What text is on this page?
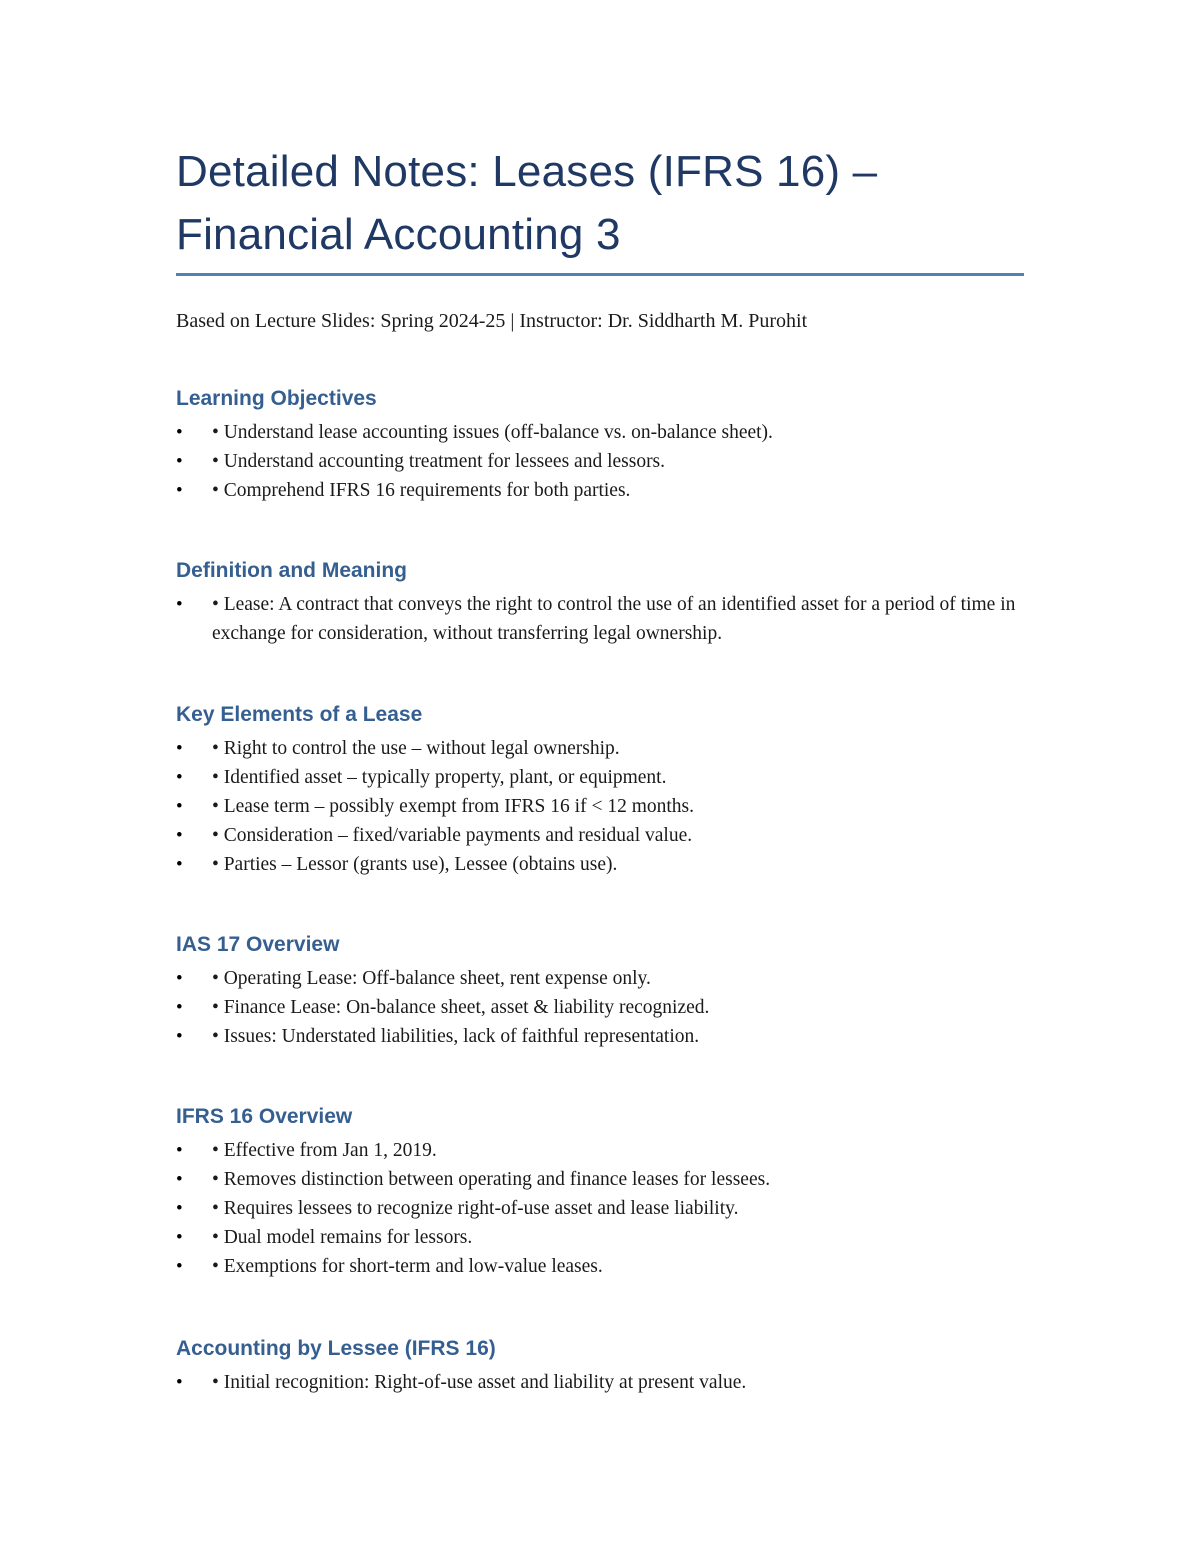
Detailed Notes: Leases (IFRS 16) –
Financial Accounting 3
Based on Lecture Slides: Spring 2024-25 | Instructor: Dr. Siddharth M. Purohit
Learning Objectives
• • Understand lease accounting issues (off-balance vs. on-balance sheet).
• • Understand accounting treatment for lessees and lessors.
• • Comprehend IFRS 16 requirements for both parties.
Definition and Meaning
• • Lease: A contract that conveys the right to control the use of an identified asset for a period of time in exchange for consideration, without transferring legal ownership.
Key Elements of a Lease
• • Right to control the use – without legal ownership.
• • Identified asset – typically property, plant, or equipment.
• • Lease term – possibly exempt from IFRS 16 if < 12 months.
• • Consideration – fixed/variable payments and residual value.
• • Parties – Lessor (grants use), Lessee (obtains use).
IAS 17 Overview
• • Operating Lease: Off-balance sheet, rent expense only.
• • Finance Lease: On-balance sheet, asset & liability recognized.
• • Issues: Understated liabilities, lack of faithful representation.
IFRS 16 Overview
• • Effective from Jan 1, 2019.
• • Removes distinction between operating and finance leases for lessees.
• • Requires lessees to recognize right-of-use asset and lease liability.
• • Dual model remains for lessors.
• • Exemptions for short-term and low-value leases.
Accounting by Lessee (IFRS 16)
• • Initial recognition: Right-of-use asset and liability at present value.
